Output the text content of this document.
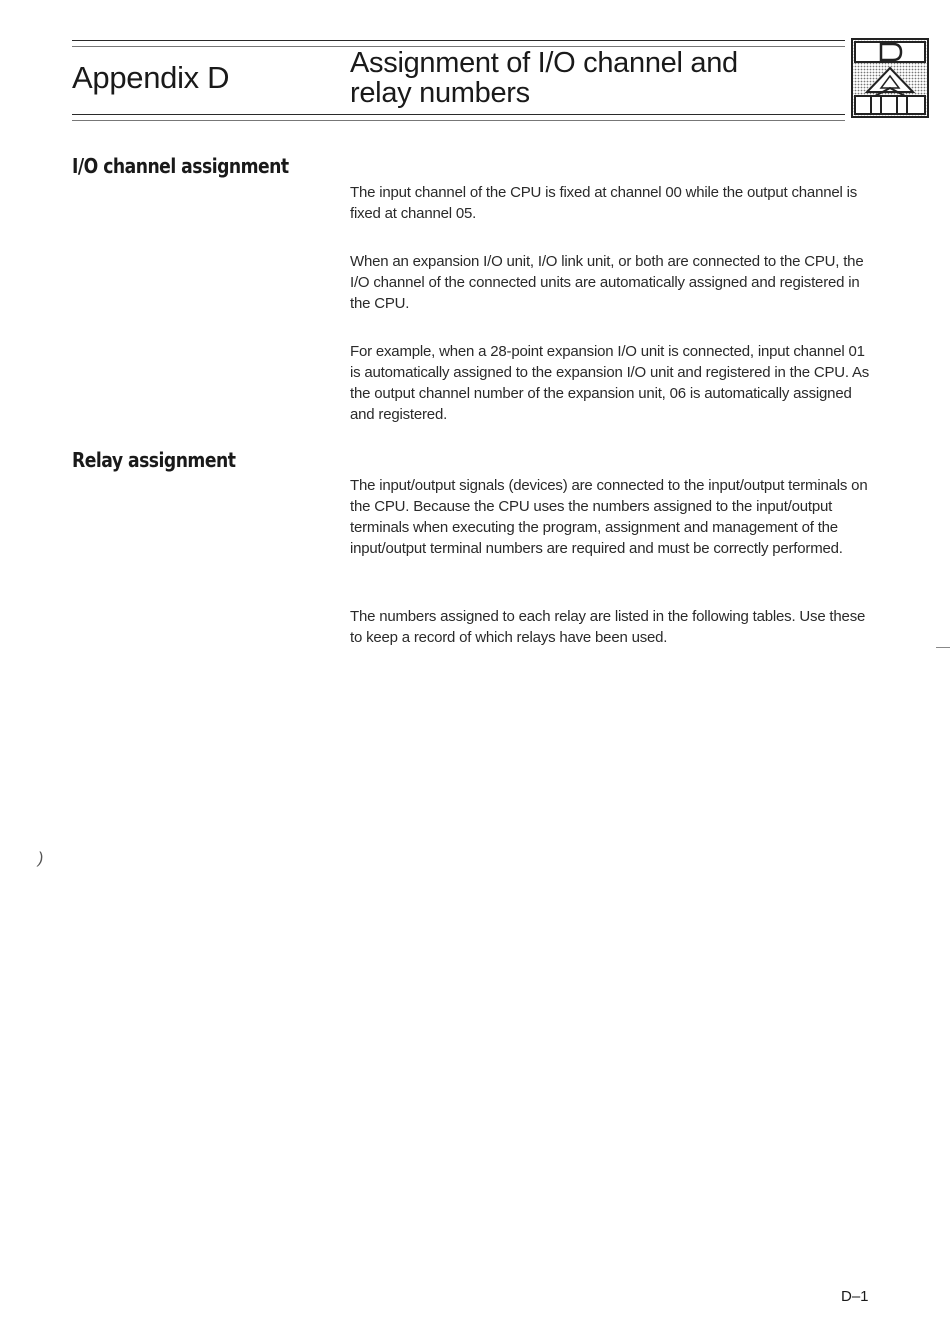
Appendix D	Assignment of I/O channel and
relay numbers
I/O channel assignment
The input channel of the CPU is fixed at channel 00 while the output channel is fixed at channel 05.
When an expansion I/O unit, I/O link unit, or both are connected to the CPU, the I/O channel of the connected units are automatically assigned and registered in the CPU.
For example, when a 28-point expansion I/O unit is connected, input channel 01 is automatically assigned to the expansion I/O unit and registered in the CPU. As the output channel number of the expansion unit, 06 is automatically assigned and registered.
Relay assignment
The input/output signals (devices) are connected to the input/output terminals on the CPU. Because the CPU uses the numbers assigned to the input/output terminals when executing the program, assignment and management of the input/output terminal numbers are required and must be correctly performed.
The numbers assigned to each relay are listed in the following tables. Use these to keep a record of which relays have been used.
)
D–1
